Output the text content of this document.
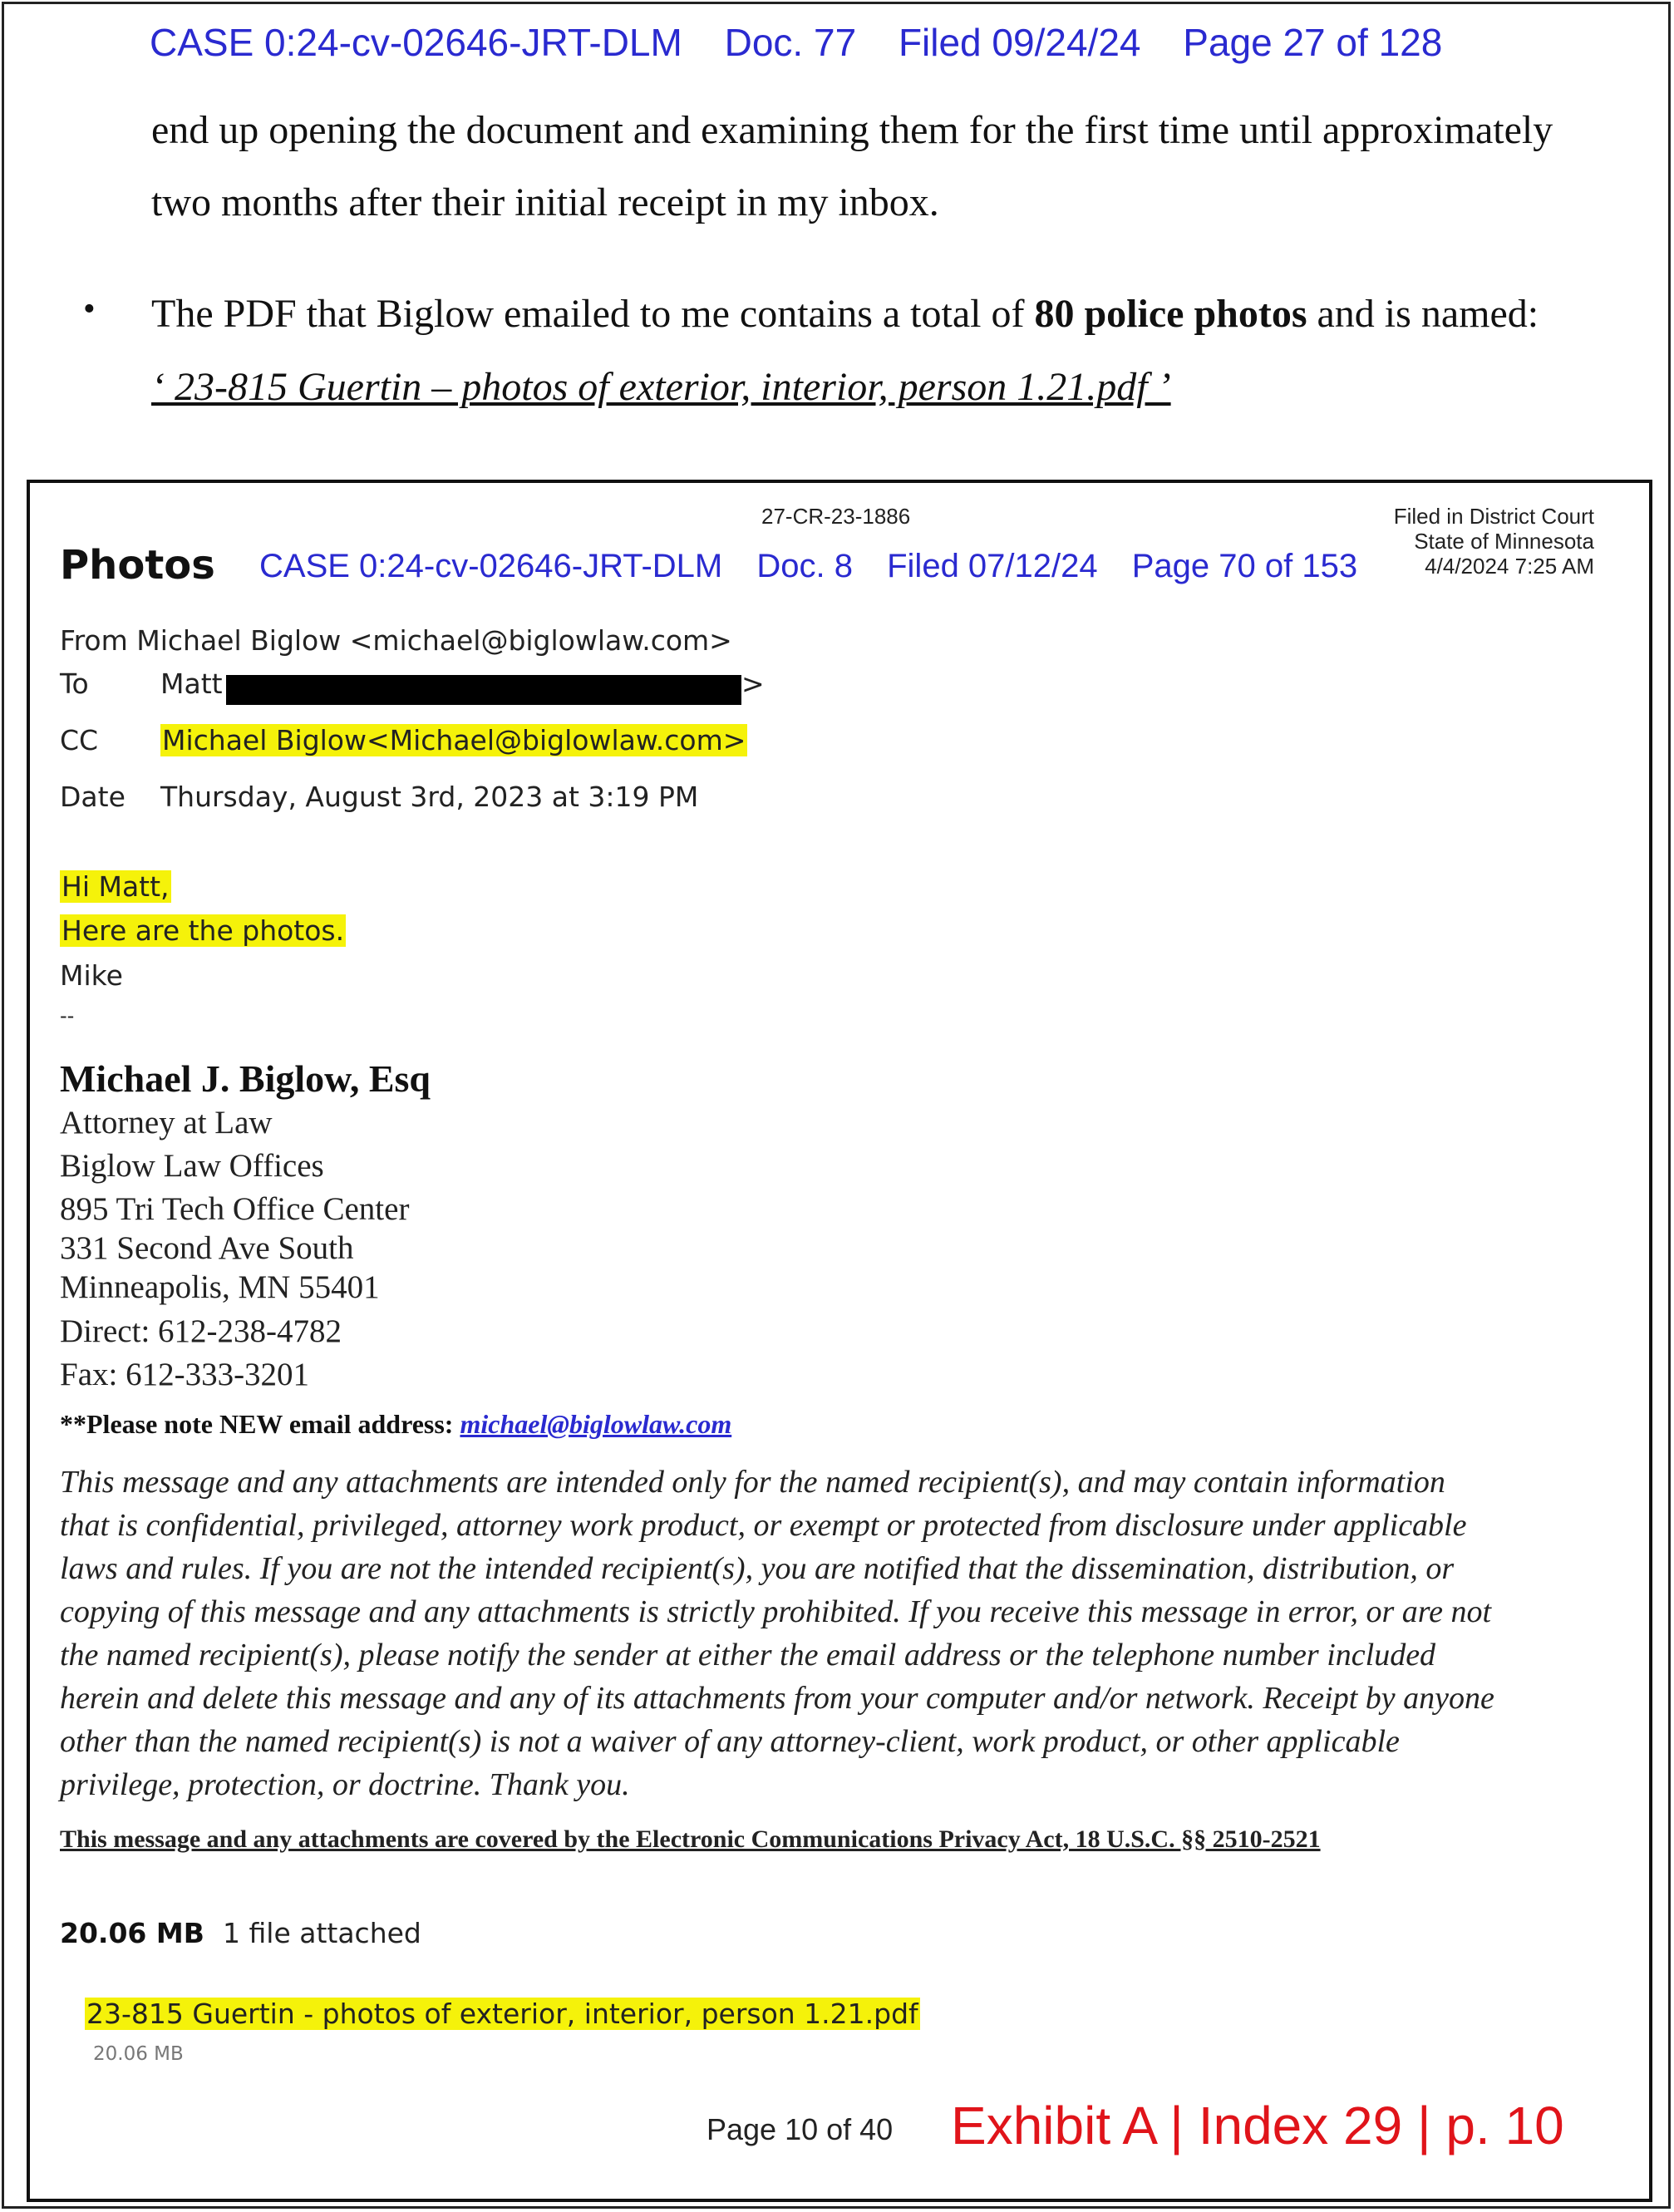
CASE 0:24-cv-02646-JRT-DLM Doc. 77 Filed 09/24/24 Page 27 of 128
end up opening the document and examining them for the first time until approximately
two months after their initial receipt in my inbox.
• The PDF that Biglow emailed to me contains a total of 80 police photos and is named:
‘ 23-815 Guertin – photos of exterior, interior, person 1.21.pdf ’
27-CR-23-1886	Filed in District Court
State of Minnesota
4/4/2024 7:25 AM
Photos CASE 0:24-cv-02646-JRT-DLM Doc. 8 Filed 07/12/24 Page 70 of 153
From Michael Biglow <michael@biglowlaw.com>
To	Matt	>
CC Michael Biglow<Michael@biglowlaw.com>
Date Thursday, August 3rd, 2023 at 3:19 PM
Hi Matt,
Here are the photos.
Mike
--
Michael J. Biglow, Esq
Attorney at Law
Biglow Law Offices
895 Tri Tech Office Center
331 Second Ave South
Minneapolis, MN 55401
Direct: 612-238-4782
Fax: 612-333-3201
**Please note NEW email address: michael@biglowlaw.com
This message and any attachments are intended only for the named recipient(s), and may contain information
that is confidential, privileged, attorney work product, or exempt or protected from disclosure under applicable
laws and rules. If you are not the intended recipient(s), you are notified that the dissemination, distribution, or
copying of this message and any attachments is strictly prohibited. If you receive this message in error, or are not
the named recipient(s), please notify the sender at either the email address or the telephone number included
herein and delete this message and any of its attachments from your computer and/or network. Receipt by anyone
other than the named recipient(s) is not a waiver of any attorney-client, work product, or other applicable
privilege, protection, or doctrine. Thank you.
This message and any attachments are covered by the Electronic Communications Privacy Act, 18 U.S.C. §§ 2510-2521
20.06 MB 1 file attached
23-815 Guertin - photos of exterior, interior, person 1.21.pdf
20.06 MB
Page 10 of 40 Exhibit A | Index 29 | p. 10
